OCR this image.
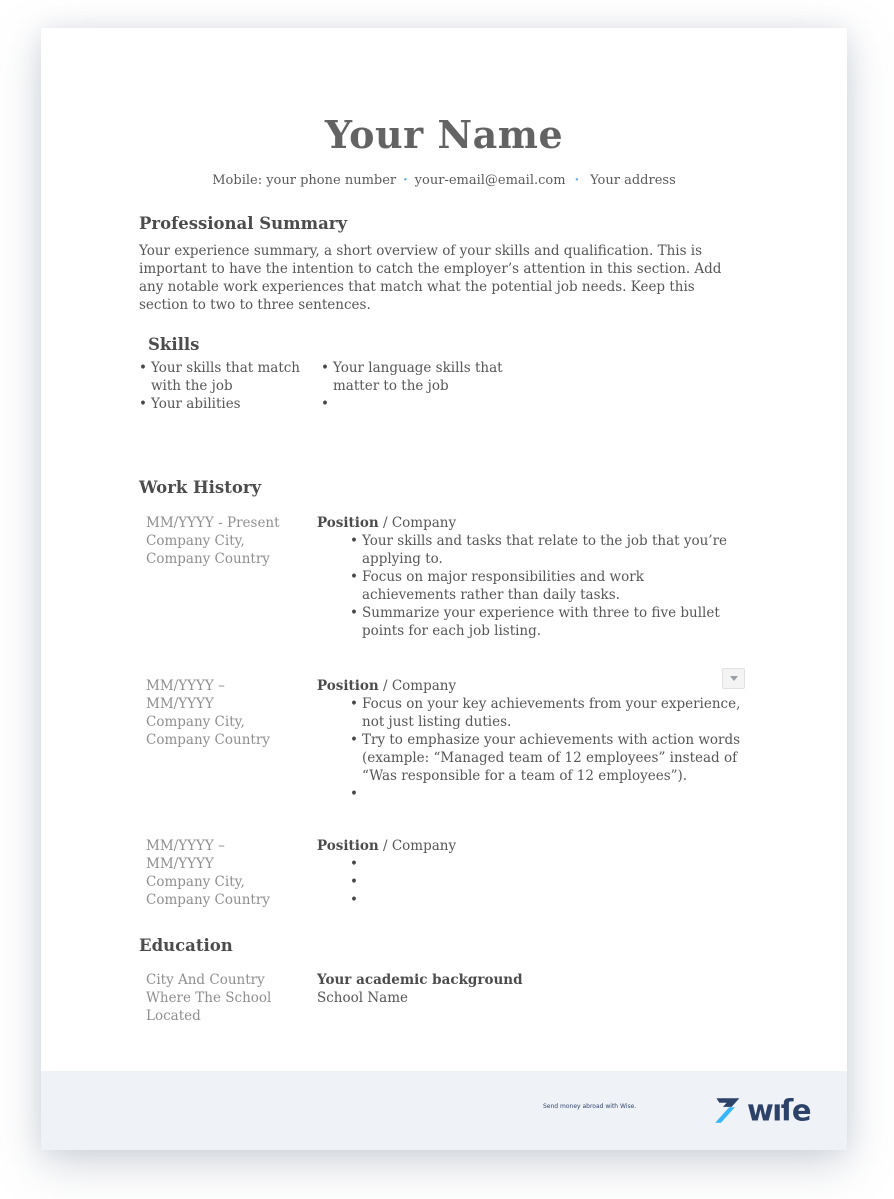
Your Name
Mobile: your phone number · your-email@email.com · Your address
Professional Summary

Your experience summary, a short overview of your skills and qualification. This is important to have the intention to catch the employer’s attention in this section. Add any notable work experiences that match what the potential job needs. Keep this section to two to three sentences.

Skills
• Your skills that match with the job
• Your abilities
• Your language skills that matter to the job
•
Work History
MM/YYYY - Present
Company City, Company Country
Position / Company
• Your skills and tasks that relate to the job that you’re applying to.
• Focus on major responsibilities and work achievements rather than daily tasks.
• Summarize your experience with three to five bullet points for each job listing.
MM/YYYY – MM/YYYY
Company City, Company Country
Position / Company
• Focus on your key achievements from your experience, not just listing duties.
• Try to emphasize your achievements with action words (example: “Managed team of 12 employees” instead of “Was responsible for a team of 12 employees”).
•
MM/YYYY – MM/YYYY
Company City, Company Country
Position / Company
•
•
•
Education
City And Country Where The School Located
Your academic background
School Name
Send money abroad with Wise.	wıſe
